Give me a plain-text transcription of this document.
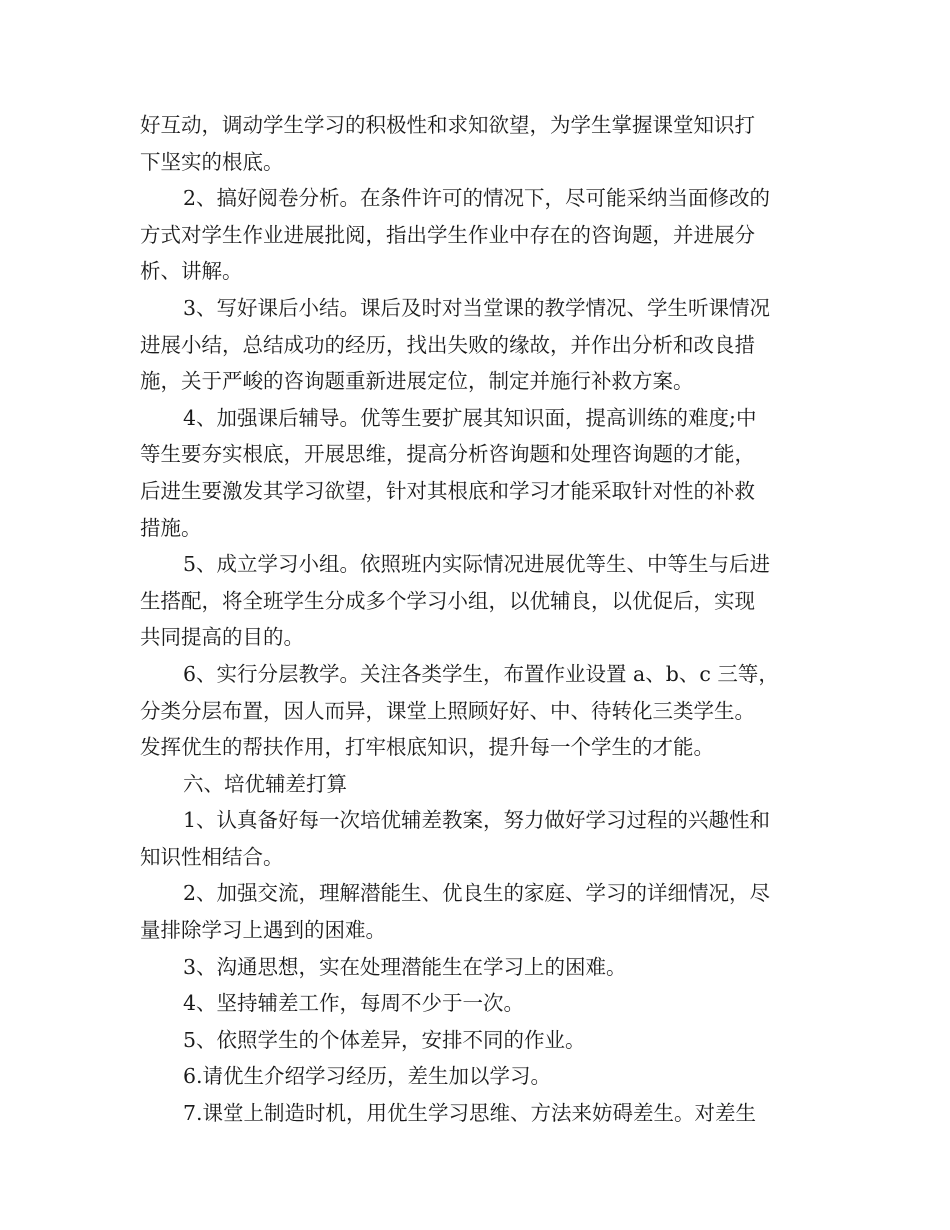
好互动，调动学生学习的积极性和求知欲望，为学生掌握课堂知识打
下坚实的根底。
2、搞好阅卷分析。在条件许可的情况下，尽可能采纳当面修改的
方式对学生作业进展批阅，指出学生作业中存在的咨询题，并进展分
析、讲解。
3、写好课后小结。课后及时对当堂课的教学情况、学生听课情况
进展小结，总结成功的经历，找出失败的缘故，并作出分析和改良措
施，关于严峻的咨询题重新进展定位，制定并施行补救方案。
4、加强课后辅导。优等生要扩展其知识面，提高训练的难度;中
等生要夯实根底，开展思维，提高分析咨询题和处理咨询题的才能，
后进生要激发其学习欲望，针对其根底和学习才能采取针对性的补救
措施。
5、成立学习小组。依照班内实际情况进展优等生、中等生与后进
生搭配，将全班学生分成多个学习小组，以优辅良，以优促后，实现
共同提高的目的。
6、实行分层教学。关注各类学生，布置作业设置 a、b、c 三等，
分类分层布置，因人而异，课堂上照顾好好、中、待转化三类学生。
发挥优生的帮扶作用，打牢根底知识，提升每一个学生的才能。
六、培优辅差打算
1、认真备好每一次培优辅差教案，努力做好学习过程的兴趣性和
知识性相结合。
2、加强交流，理解潜能生、优良生的家庭、学习的详细情况，尽
量排除学习上遇到的困难。
3、沟通思想，实在处理潜能生在学习上的困难。
4、坚持辅差工作，每周不少于一次。
5、依照学生的个体差异，安排不同的作业。
6.请优生介绍学习经历，差生加以学习。
7.课堂上制造时机，用优生学习思维、方法来妨碍差生。对差生
